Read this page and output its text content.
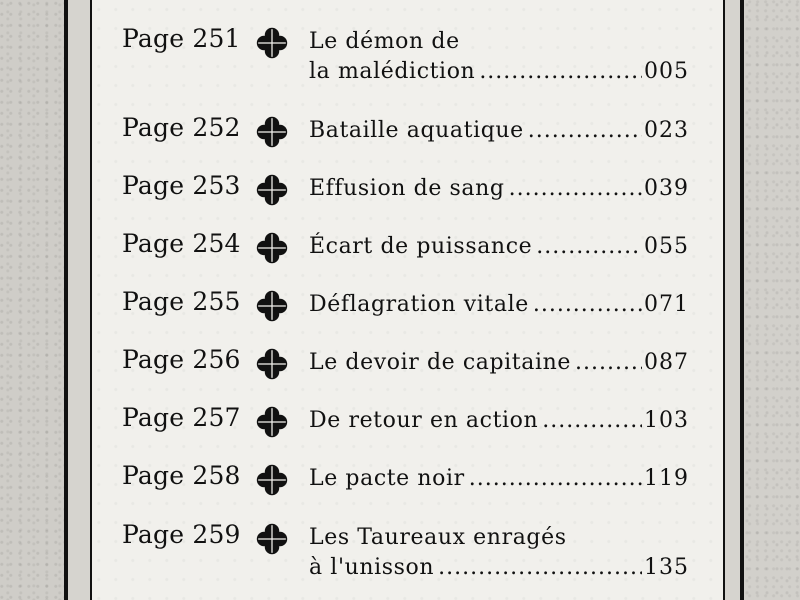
Page 251	Le démon de
la malédiction .....	005
Page 252	Bataille aquatique .....	023
Page 253	Effusion de sang .....	039
Page 254	Écart de puissance .....	055
Page 255	Déflagration vitale .....	071
Page 256	Le devoir de capitaine .....	087
Page 257	De retour en action .....	103
Page 258	Le pacte noir .....	119
Page 259	Les Taureaux enragés
à l'unisson .....	135
